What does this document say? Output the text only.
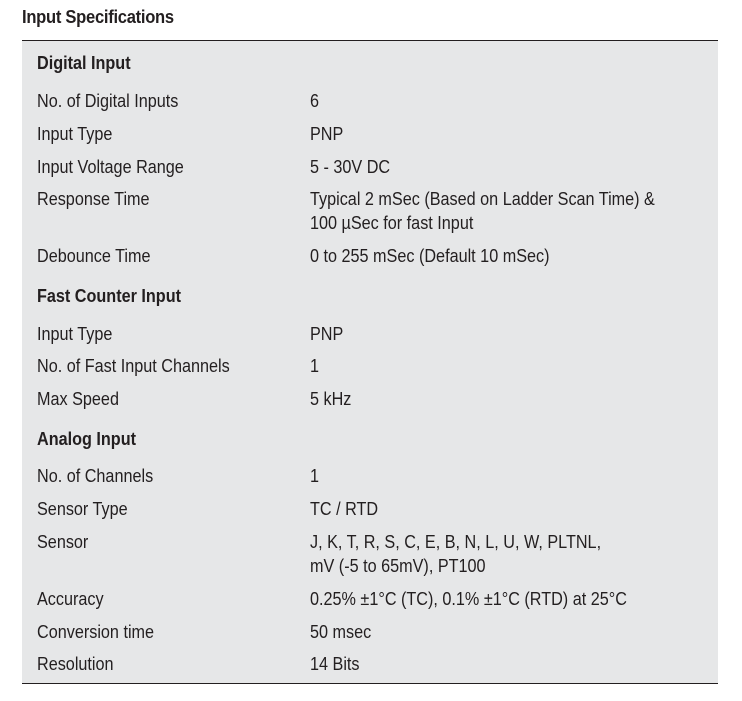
Input Specifications
Digital Input
No. of Digital Inputs	6
Input Type	PNP
Input Voltage Range	5 - 30V DC
Response Time	Typical 2 mSec (Based on Ladder Scan Time) &
100 µSec for fast Input
Debounce Time	0 to 255 mSec (Default 10 mSec)
Fast Counter Input
Input Type	PNP
No. of Fast Input Channels	1
Max Speed	5 kHz
Analog Input
No. of Channels	1
Sensor Type	TC / RTD
Sensor	J, K, T, R, S, C, E, B, N, L, U, W, PLTNL,
mV (-5 to 65mV), PT100
Accuracy	0.25% ±1°C (TC), 0.1% ±1°C (RTD) at 25°C
Conversion time	50 msec
Resolution	14 Bits
